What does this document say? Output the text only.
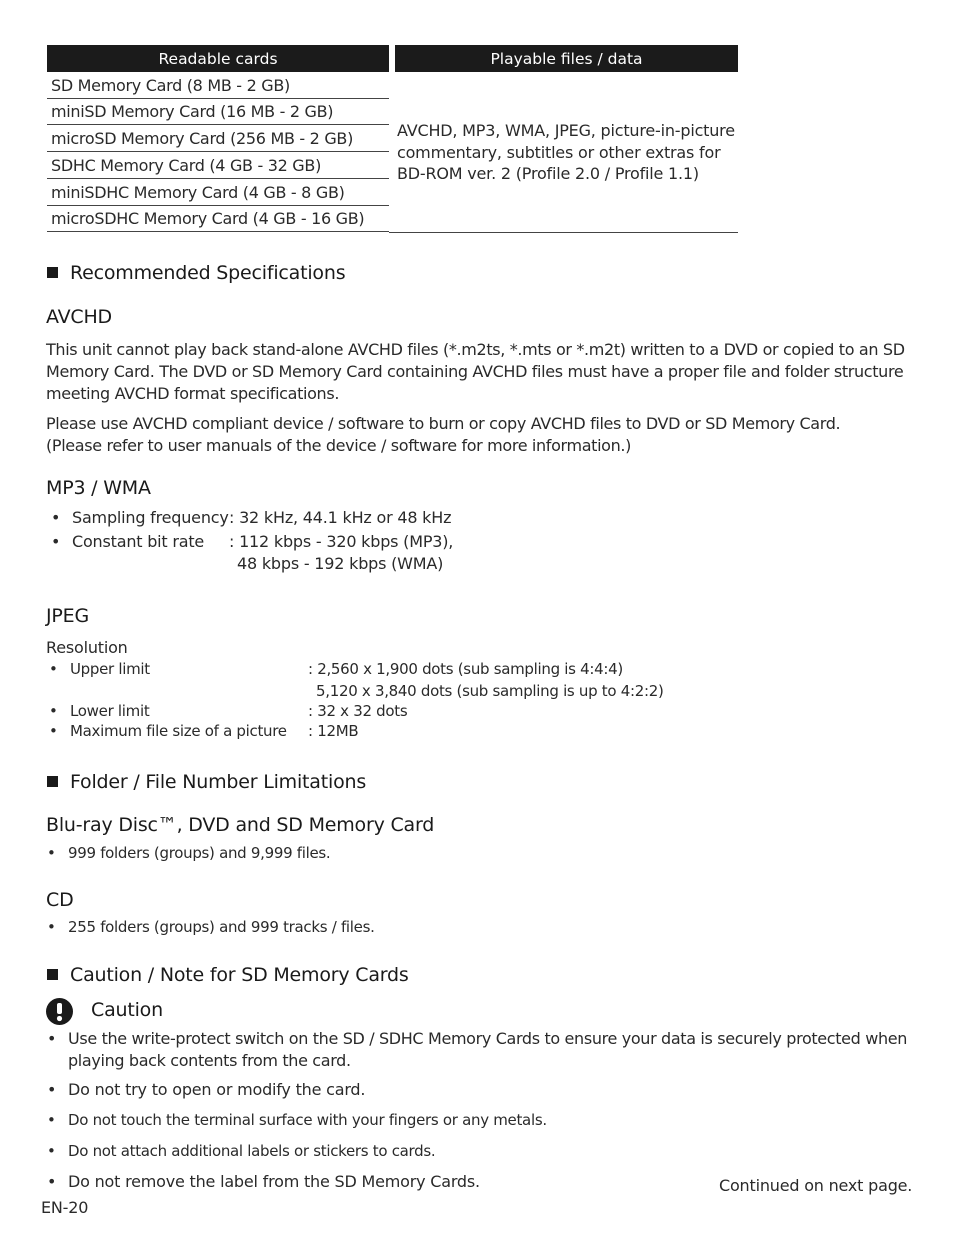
Readable cards	Playable files / data
SD Memory Card (8 MB - 2 GB)
miniSD Memory Card (16 MB - 2 GB)
microSD Memory Card (256 MB - 2 GB)
SDHC Memory Card (4 GB - 32 GB)
miniSDHC Memory Card (4 GB - 8 GB)
microSDHC Memory Card (4 GB - 16 GB)
AVCHD, MP3, WMA, JPEG, picture-in-picture
commentary, subtitles or other extras for
BD-ROM ver. 2 (Profile 2.0 / Profile 1.1)
Recommended Specifications
AVCHD
This unit cannot play back stand-alone AVCHD files (*.m2ts, *.mts or *.m2t) written to a DVD or copied to an SD
Memory Card. The DVD or SD Memory Card containing AVCHD files must have a proper file and folder structure
meeting AVCHD format specifications.
Please use AVCHD compliant device / software to burn or copy AVCHD files to DVD or SD Memory Card.
(Please refer to user manuals of the device / software for more information.)
MP3 / WMA
• Sampling frequency : 32 kHz, 44.1 kHz or 48 kHz
• Constant bit rate : 112 kbps - 320 kbps (MP3),
48 kbps - 192 kbps (WMA)
JPEG
Resolution
• Upper limit	: 2,560 x 1,900 dots (sub sampling is 4:4:4)
5,120 x 3,840 dots (sub sampling is up to 4:2:2)
• Lower limit	: 32 x 32 dots
• Maximum file size of a picture : 12MB
Folder / File Number Limitations
Blu-ray Disc™, DVD and SD Memory Card
• 999 folders (groups) and 9,999 files.
CD
• 255 folders (groups) and 999 tracks / files.
Caution / Note for SD Memory Cards
Caution
• Use the write-protect switch on the SD / SDHC Memory Cards to ensure your data is securely protected when
playing back contents from the card.
• Do not try to open or modify the card.
• Do not touch the terminal surface with your fingers or any metals.
• Do not attach additional labels or stickers to cards.
• Do not remove the label from the SD Memory Cards.	Continued on next page.
EN-20
